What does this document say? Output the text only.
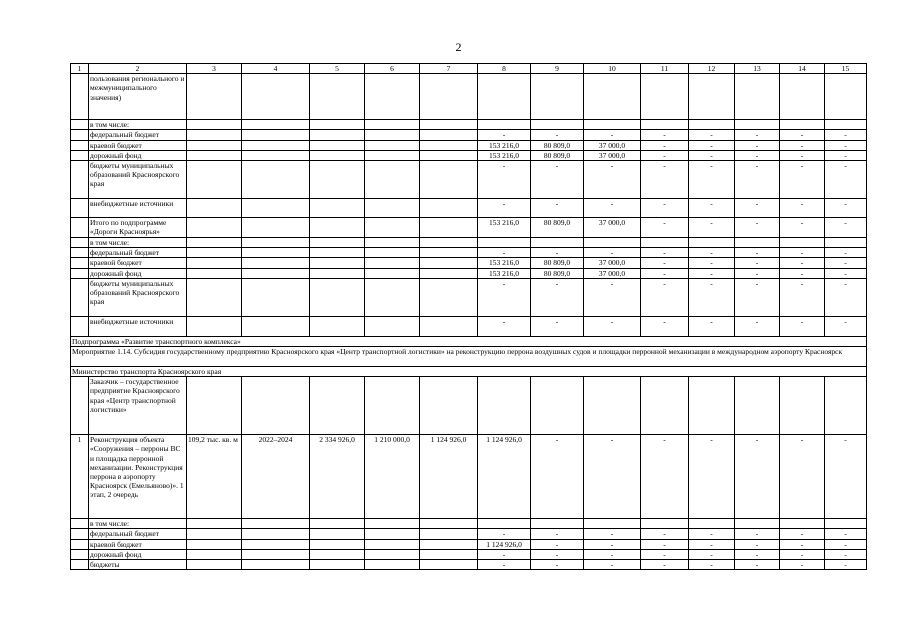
2
1	2	3	4	5	6	7	8	9	10	11	12	13	14	15
	пользования регионального и межмуниципального значения)													
	в том числе:													
	федеральный бюджет						-	-	-	-	-	-	-	-
	краевой бюджет						153 216,0	80 809,0	37 000,0	-	-	-	-	-
	дорожный фонд						153 216,0	80 809,0	37 000,0	-	-	-	-	-
	бюджеты муниципальных образований Красноярского края						-	-	-	-	-	-	-	-
	внебюджетные источники						-	-	-	-	-	-	-	-
	Итого по подпрограмме «Дороги Красноярья»						153 216,0	80 809,0	37 000,0	-	-	-	-	-
	в том числе:													
	федеральный бюджет						-	-	-	-	-	-	-	-
	краевой бюджет						153 216,0	80 809,0	37 000,0	-	-	-	-	-
	дорожный фонд						153 216,0	80 809,0	37 000,0	-	-	-	-	-
	бюджеты муниципальных образований Красноярского края						-	-	-	-	-	-	-	-
	внебюджетные источники						-	-	-	-	-	-	-	-
Подпрограмма «Развитие транспортного комплекса»														
Мероприятие 1.14. Субсидия государственному предприятию Красноярского края «Центр транспортной логистики» на реконструкцию перрона воздушных судов и площадки перронной механизации в международном аэропорту Красноярск														
Министерство транспорта Красноярского края														
	Заказчик – государственное предприятие Красноярского края «Центр транспортной логистики»													
1	Реконструкция объекта «Сооружения – перроны ВС и площадка перронной механизации. Реконструкция перрона в аэропорту Красноярск (Емельяново)». 1 этап, 2 очередь	109,2 тыс. кв. м	2022–2024	2 334 926,0	1 210 000,0	1 124 926,0	1 124 926,0	-	-	-	-	-	-	-
	в том числе:													
	федеральный бюджет						-	-	-	-	-	-	-	-
	краевой бюджет						1 124 926,0	-	-	-	-	-	-	-
	дорожный фонд						-	-	-	-	-	-	-	-
	бюджеты						-	-	-	-	-	-	-	-
